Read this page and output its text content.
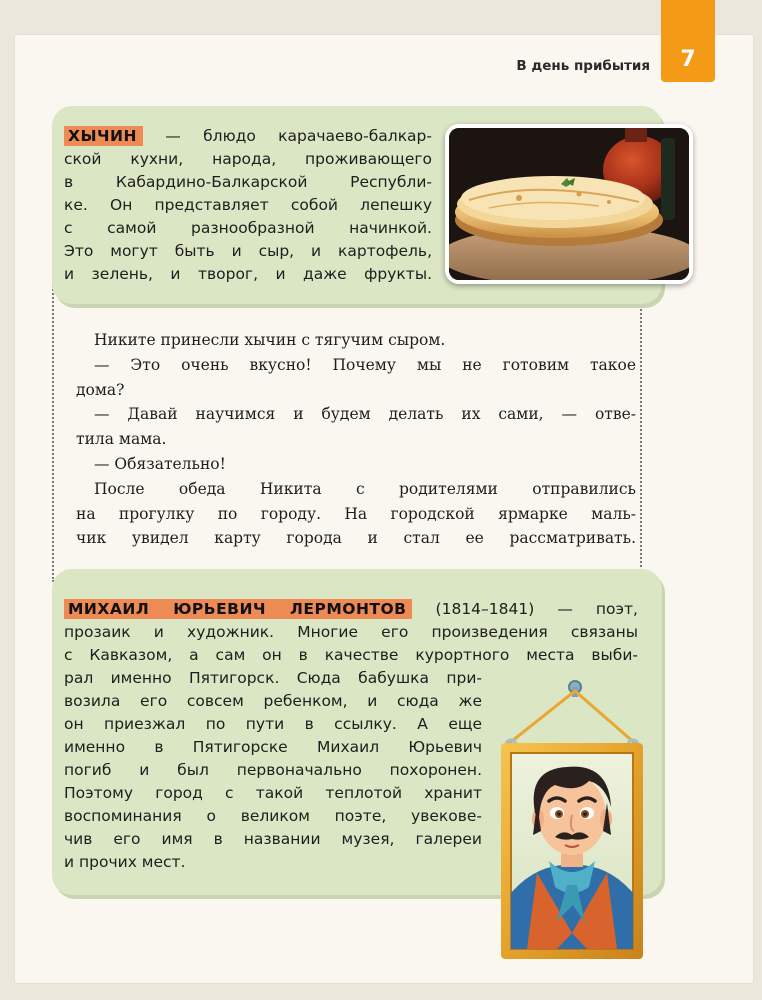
7
В день прибытия
ХЫЧИН — блюдо карачаево-балкар-
ской кухни, народа, проживающего
в Кабардино-Балкарской Республи-
ке. Он представляет собой лепешку
с самой разнообразной начинкой.
Это могут быть и сыр, и картофель,
и зелень, и творог, и даже фрукты.
Никите принесли хычин с тягучим сыром.
— Это очень вкусно! Почему мы не готовим такое
дома?
— Давай научимся и будем делать их сами, — отве-
тила мама.
— Обязательно!
После обеда Никита с родителями отправились
на прогулку по городу. На городской ярмарке маль-
чик увидел карту города и стал ее рассматривать.
МИХАИЛ ЮРЬЕВИЧ ЛЕРМОНТОВ (1814–1841) — поэт,
прозаик и художник. Многие его произведения связаны
с Кавказом, а сам он в качестве курортного места выби-
рал именно Пятигорск. Сюда бабушка при-
возила его совсем ребенком, и сюда же
он приезжал по пути в ссылку. А еще
именно в Пятигорске Михаил Юрьевич
погиб и был первоначально похоронен.
Поэтому город с такой теплотой хранит
воспоминания о великом поэте, увекове-
чив его имя в названии музея, галереи
и прочих мест.
